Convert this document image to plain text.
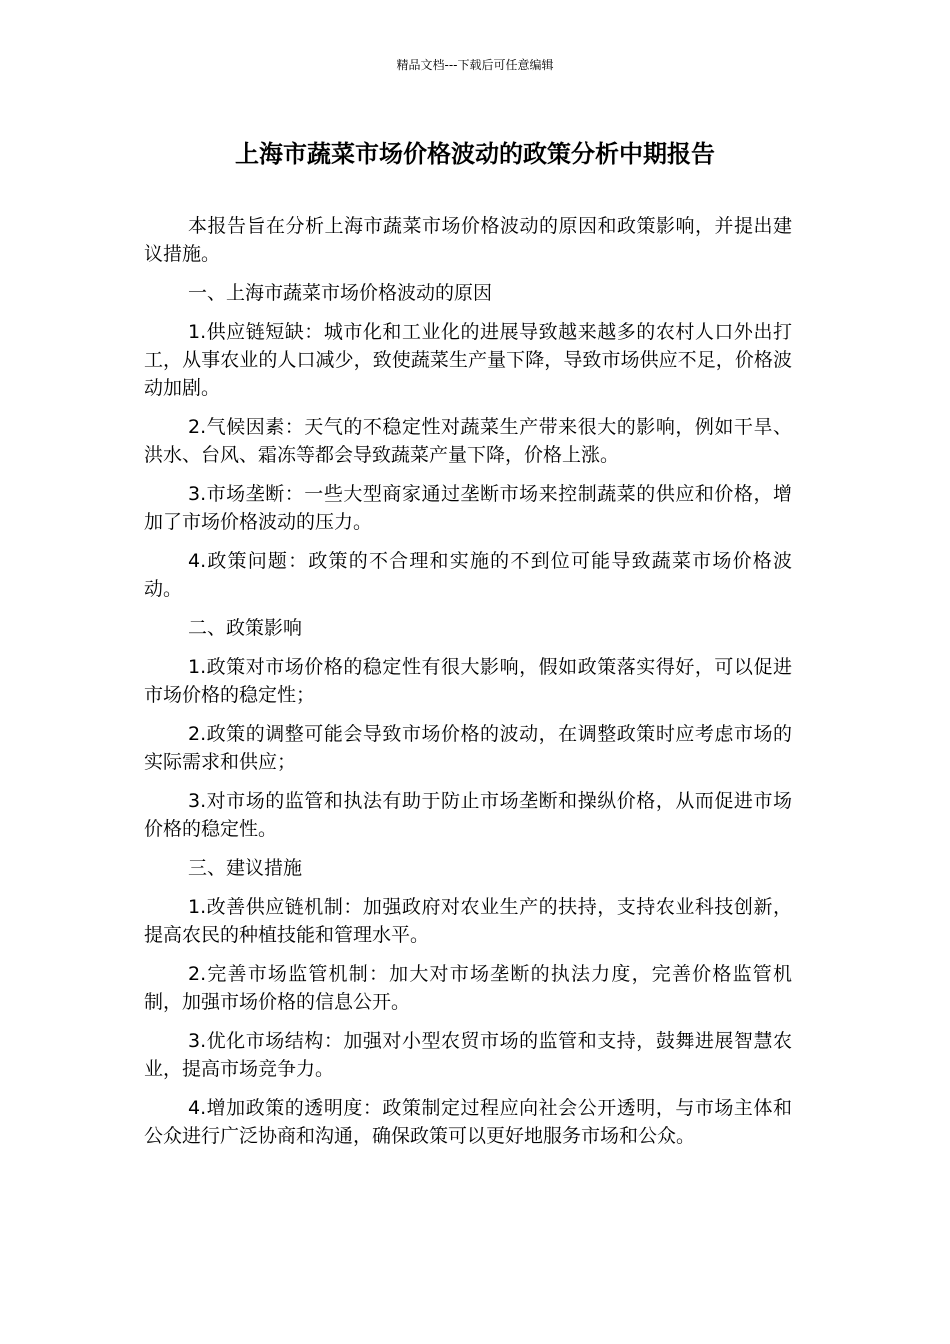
精品文档---下载后可任意编辑
上海市蔬菜市场价格波动的政策分析中期报告

本报告旨在分析上海市蔬菜市场价格波动的原因和政策影响，并提出建议措施。

一、上海市蔬菜市场价格波动的原因

1.供应链短缺：城市化和工业化的进展导致越来越多的农村人口外出打工，从事农业的人口减少，致使蔬菜生产量下降，导致市场供应不足，价格波动加剧。

2.气候因素：天气的不稳定性对蔬菜生产带来很大的影响，例如干旱、洪水、台风、霜冻等都会导致蔬菜产量下降，价格上涨。

3.市场垄断：一些大型商家通过垄断市场来控制蔬菜的供应和价格，增加了市场价格波动的压力。

4.政策问题：政策的不合理和实施的不到位可能导致蔬菜市场价格波动。

二、政策影响

1.政策对市场价格的稳定性有很大影响，假如政策落实得好，可以促进市场价格的稳定性；

2.政策的调整可能会导致市场价格的波动，在调整政策时应考虑市场的实际需求和供应；

3.对市场的监管和执法有助于防止市场垄断和操纵价格，从而促进市场价格的稳定性。

三、建议措施

1.改善供应链机制：加强政府对农业生产的扶持，支持农业科技创新，提高农民的种植技能和管理水平。

2.完善市场监管机制：加大对市场垄断的执法力度，完善价格监管机制，加强市场价格的信息公开。

3.优化市场结构：加强对小型农贸市场的监管和支持，鼓舞进展智慧农业，提高市场竞争力。

4.增加政策的透明度：政策制定过程应向社会公开透明，与市场主体和公众进行广泛协商和沟通，确保政策可以更好地服务市场和公众。
